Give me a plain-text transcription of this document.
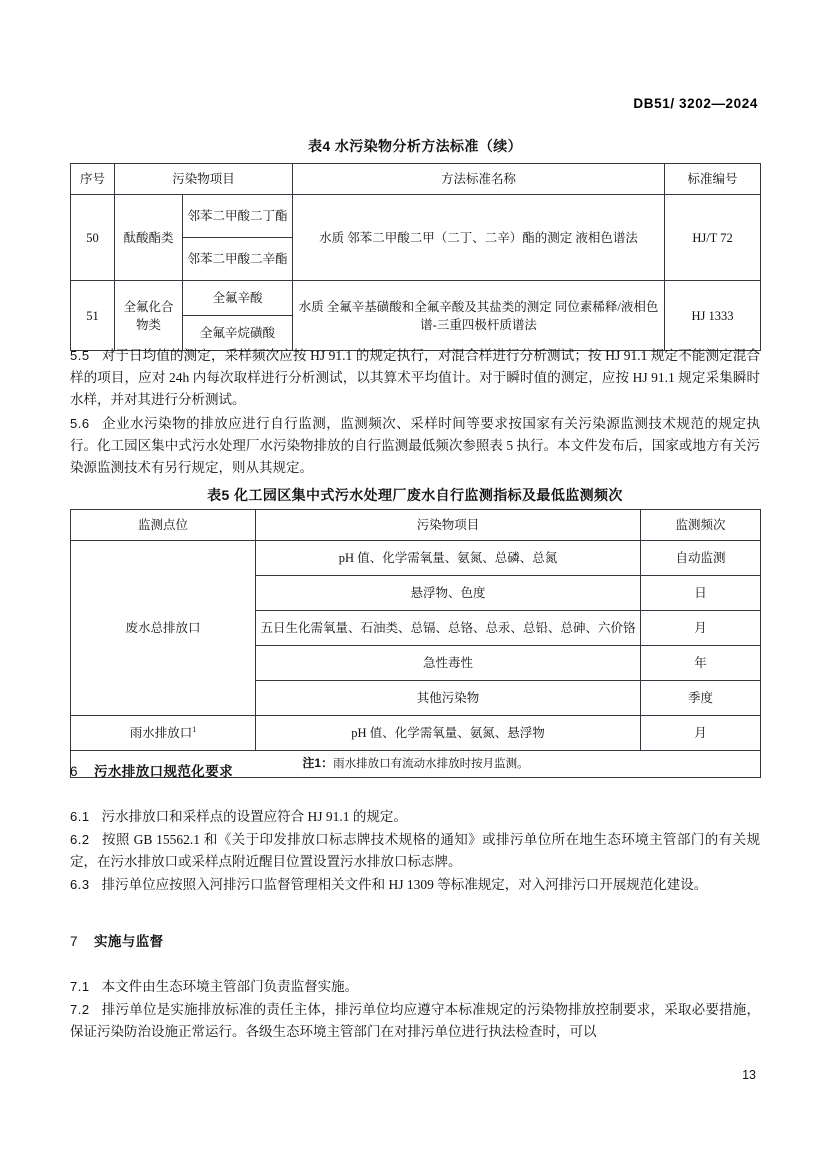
DB51/ 3202—2024
表4 水污染物分析方法标准（续）
序号	污染物项目		方法标准名称	标准编号
50	酞酸酯类	邻苯二甲酸二丁酯	水质 邻苯二甲酸二甲（二丁、二辛）酯的测定 液相色谱法	HJ/T 72
		邻苯二甲酸二辛酯		
51	全氟化合物类	全氟辛酸	水质 全氟辛基磺酸和全氟辛酸及其盐类的测定 同位素稀释/液相色谱-三重四极杆质谱法	HJ 1333
		全氟辛烷磺酸		

5.5 对于日均值的测定，采样频次应按 HJ 91.1 的规定执行，对混合样进行分析测试；按 HJ 91.1 规定不能测定混合样的项目，应对 24h 内每次取样进行分析测试，以其算术平均值计。对于瞬时值的测定，应按 HJ 91.1 规定采集瞬时水样，并对其进行分析测试。

5.6 企业水污染物的排放应进行自行监测，监测频次、采样时间等要求按国家有关污染源监测技术规范的规定执行。化工园区集中式污水处理厂水污染物排放的自行监测最低频次参照表 5 执行。本文件发布后，国家或地方有关污染源监测技术有另行规定，则从其规定。

表5 化工园区集中式污水处理厂废水自行监测指标及最低监测频次
监测点位	污染物项目	监测频次
废水总排放口	pH 值、化学需氧量、氨氮、总磷、总氮	自动监测
	悬浮物、色度	日
	五日生化需氧量、石油类、总镉、总铬、总汞、总铅、总砷、六价铬	月
	急性毒性	年
	其他污染物	季度
雨水排放口$^1$	pH 值、化学需氧量、氨氮、悬浮物	月
注1：雨水排放口有流动水排放时按月监测。		
6 污水排放口规范化要求

6.1 污水排放口和采样点的设置应符合 HJ 91.1 的规定。

6.2 按照 GB 15562.1 和《关于印发排放口标志牌技术规格的通知》或排污单位所在地生态环境主管部门的有关规定，在污水排放口或采样点附近醒目位置设置污水排放口标志牌。

6.3 排污单位应按照入河排污口监督管理相关文件和 HJ 1309 等标准规定，对入河排污口开展规范化建设。

7 实施与监督

7.1 本文件由生态环境主管部门负责监督实施。

7.2 排污单位是实施排放标准的责任主体，排污单位均应遵守本标准规定的污染物排放控制要求，采取必要措施，保证污染防治设施正常运行。各级生态环境主管部门在对排污单位进行执法检查时，可以

13
